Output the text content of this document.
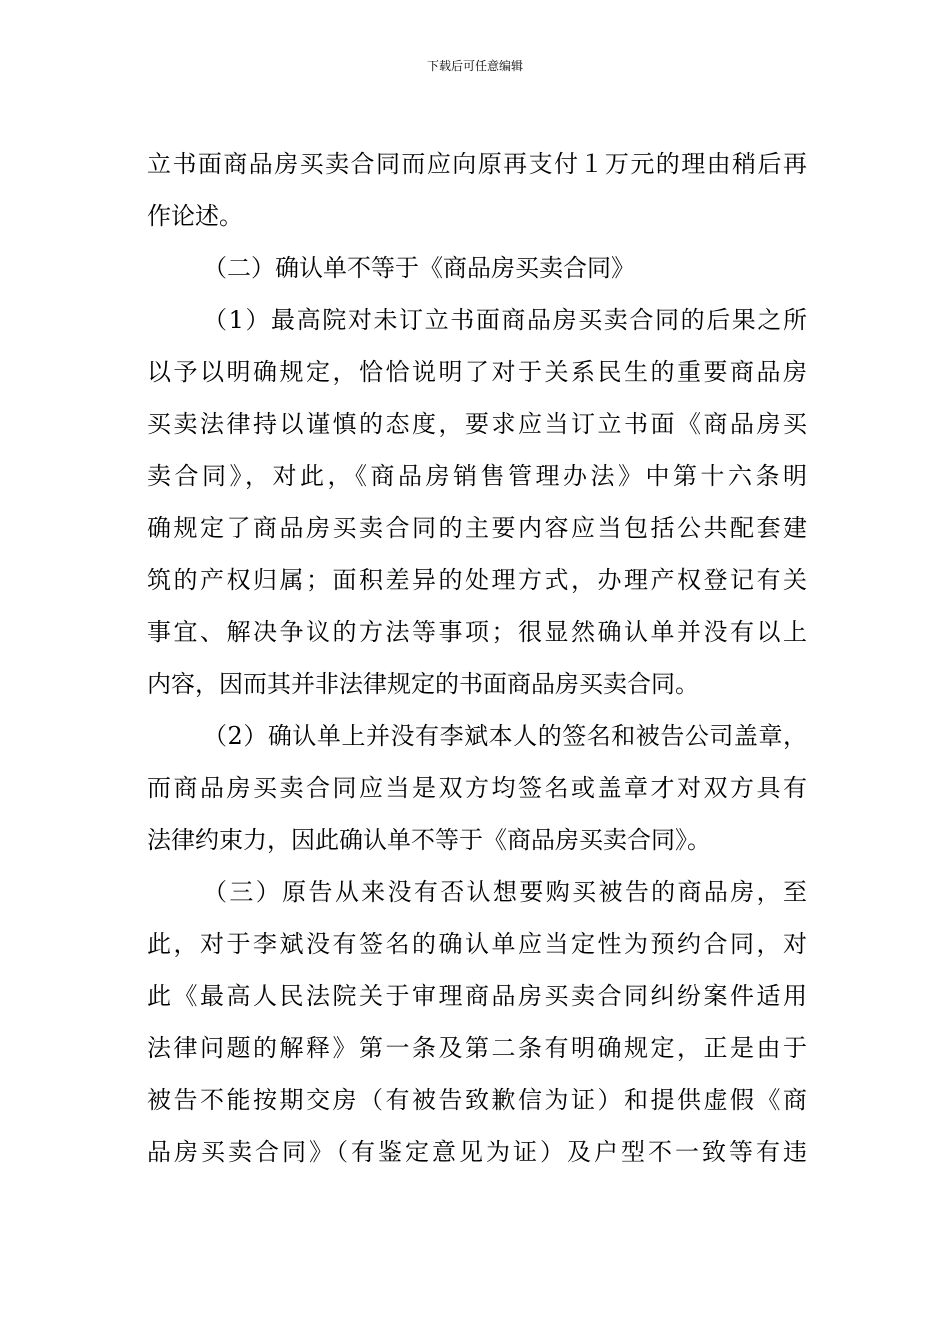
下载后可任意编辑
立书面商品房买卖合同而应向原再支付１万元的理由稍后再
作论述。
（二）确认单不等于《商品房买卖合同》
（1）最高院对未订立书面商品房买卖合同的后果之所
以予以明确规定，恰恰说明了对于关系民生的重要商品房
买卖法律持以谨慎的态度，要求应当订立书面《商品房买
卖合同》，对此，《商品房销售管理办法》中第十六条明
确规定了商品房买卖合同的主要内容应当包括公共配套建
筑的产权归属；面积差异的处理方式，办理产权登记有关
事宜、解决争议的方法等事项；很显然确认单并没有以上
内容，因而其并非法律规定的书面商品房买卖合同。
（2）确认单上并没有李斌本人的签名和被告公司盖章，
而商品房买卖合同应当是双方均签名或盖章才对双方具有
法律约束力，因此确认单不等于《商品房买卖合同》。
（三）原告从来没有否认想要购买被告的商品房，至
此，对于李斌没有签名的确认单应当定性为预约合同，对
此《最高人民法院关于审理商品房买卖合同纠纷案件适用
法律问题的解释》第一条及第二条有明确规定，正是由于
被告不能按期交房（有被告致歉信为证）和提供虚假《商
品房买卖合同》（有鉴定意见为证）及户型不一致等有违
